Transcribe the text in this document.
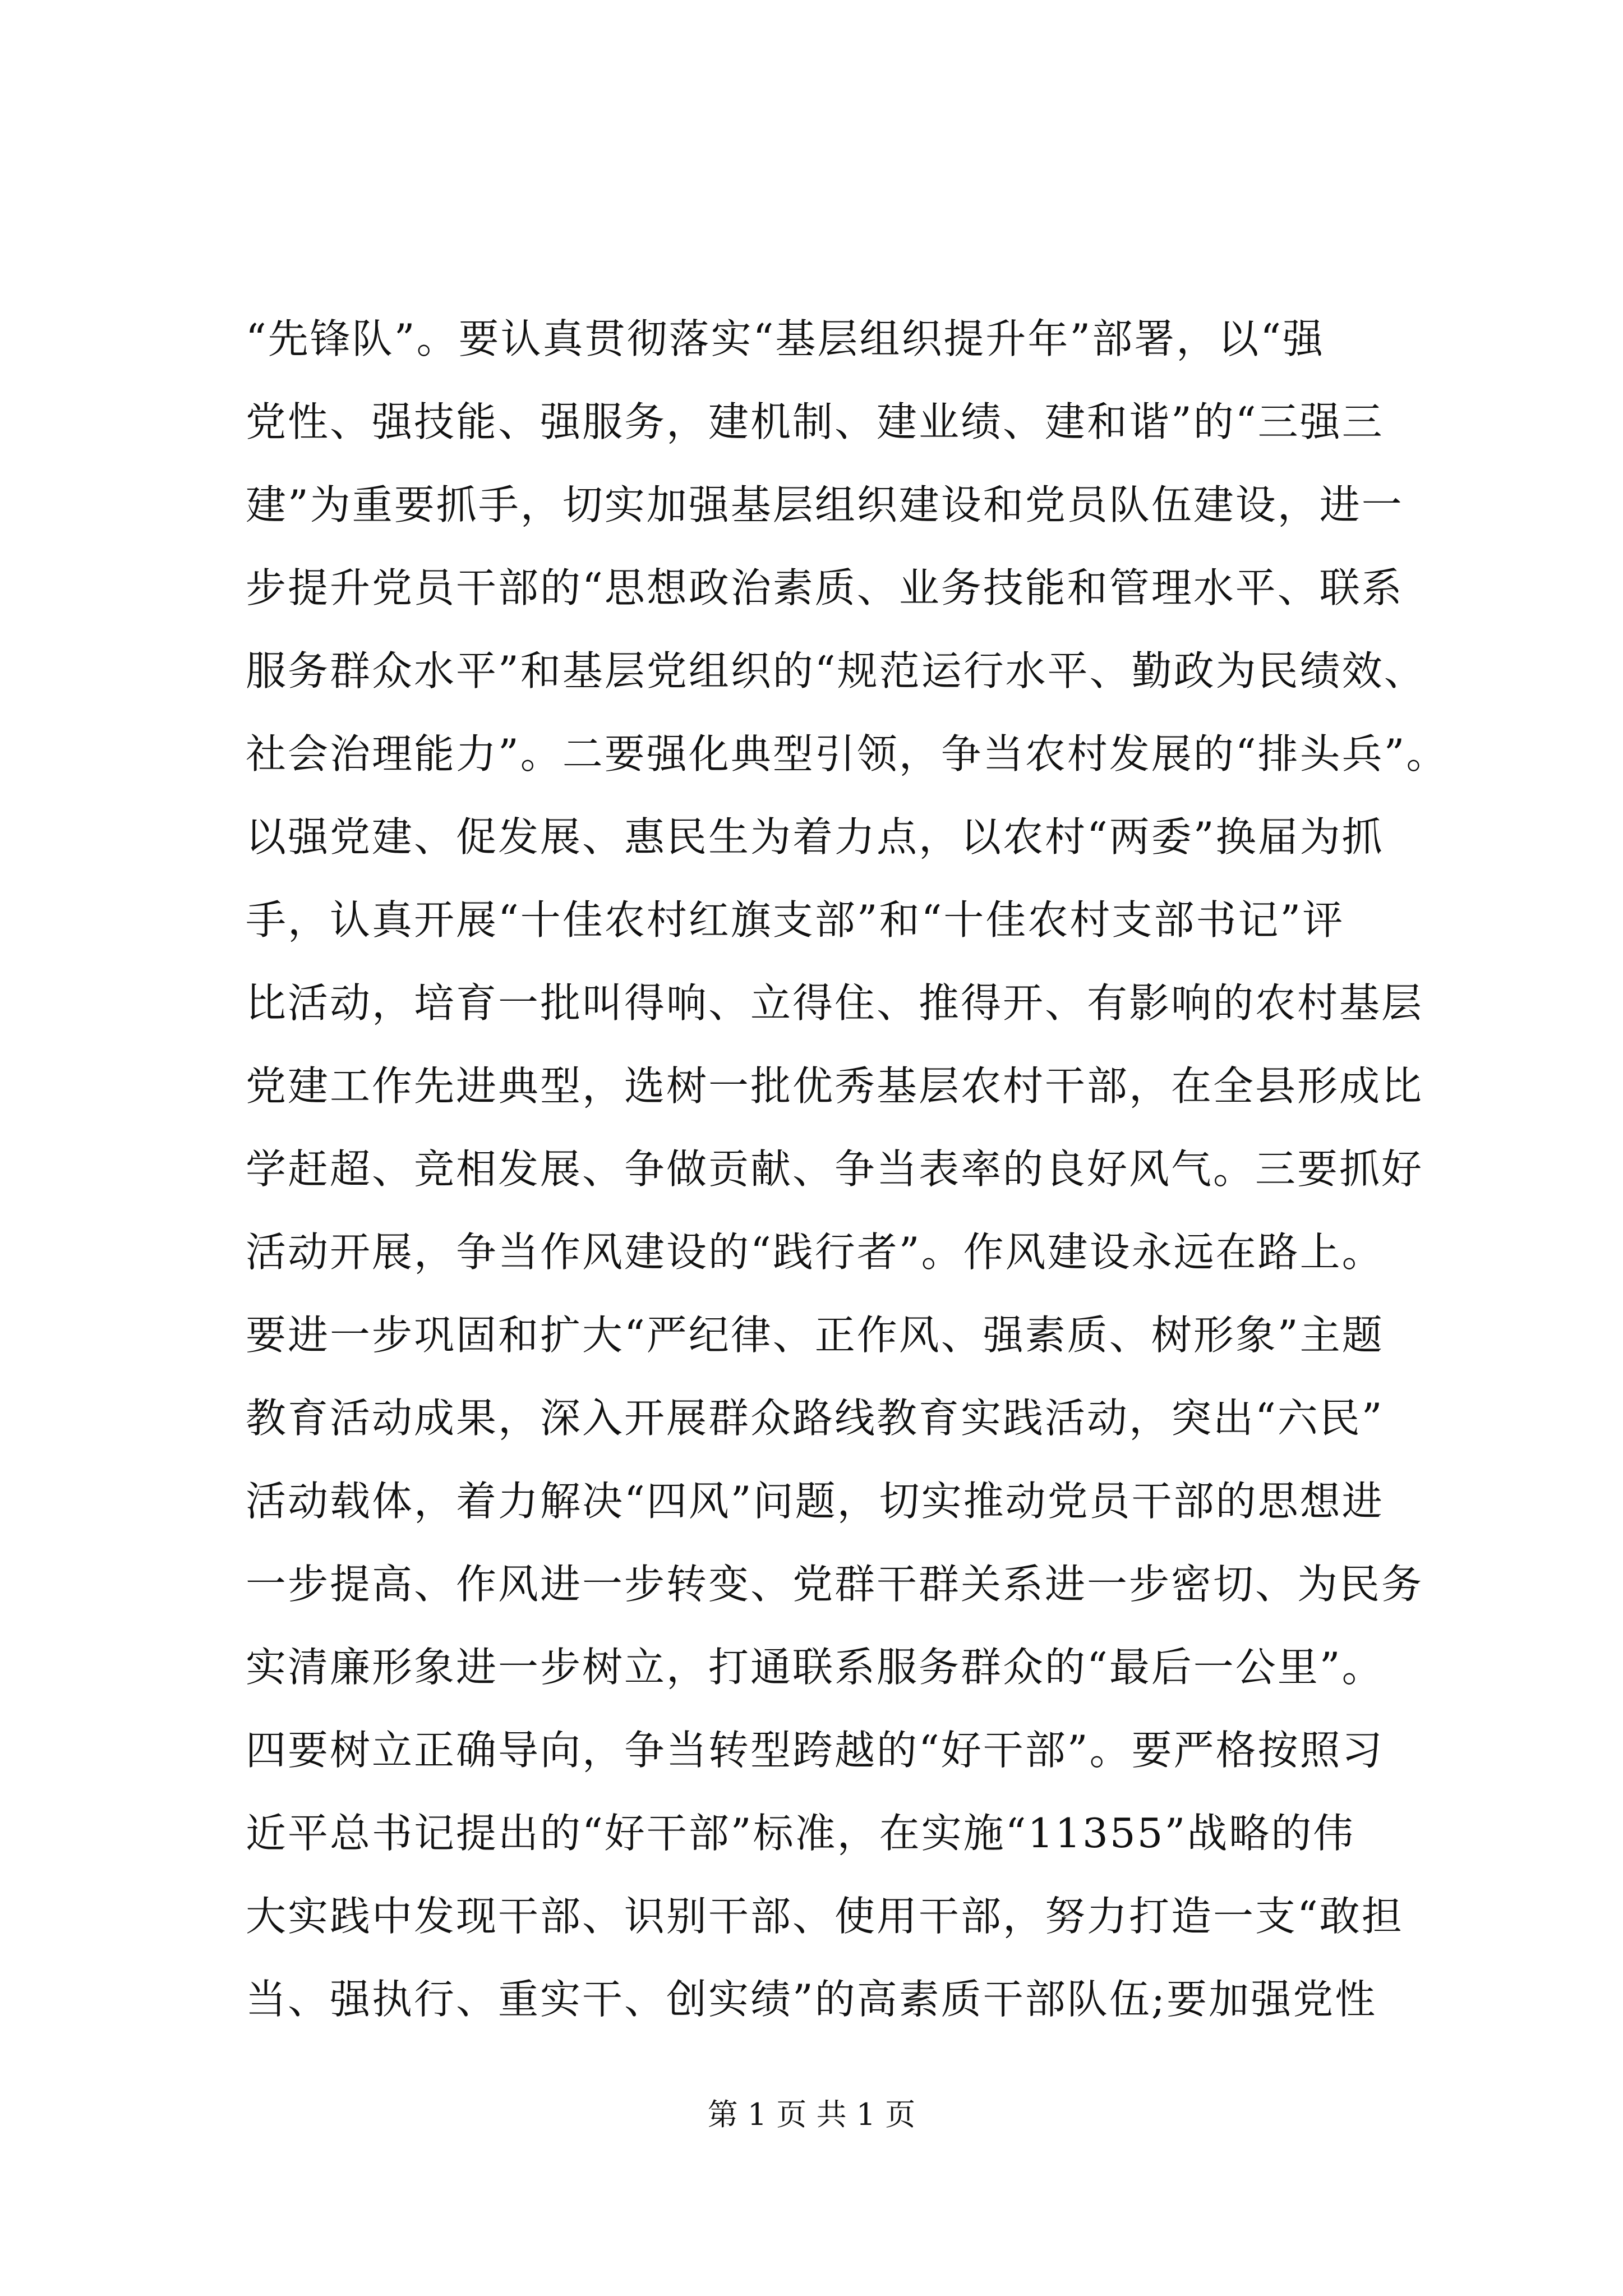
“先锋队”。要认真贯彻落实“基层组织提升年”部署，以“强
党性、强技能、强服务，建机制、建业绩、建和谐”的“三强三
建”为重要抓手，切实加强基层组织建设和党员队伍建设，进一
步提升党员干部的“思想政治素质、业务技能和管理水平、联系
服务群众水平”和基层党组织的“规范运行水平、勤政为民绩效、
社会治理能力”。二要强化典型引领，争当农村发展的“排头兵”。
以强党建、促发展、惠民生为着力点，以农村“两委”换届为抓
手，认真开展“十佳农村红旗支部”和“十佳农村支部书记”评
比活动，培育一批叫得响、立得住、推得开、有影响的农村基层
党建工作先进典型，选树一批优秀基层农村干部，在全县形成比
学赶超、竞相发展、争做贡献、争当表率的良好风气。三要抓好
活动开展，争当作风建设的“践行者”。作风建设永远在路上。
要进一步巩固和扩大“严纪律、正作风、强素质、树形象”主题
教育活动成果，深入开展群众路线教育实践活动，突出“六民”
活动载体，着力解决“四风”问题，切实推动党员干部的思想进
一步提高、作风进一步转变、党群干群关系进一步密切、为民务
实清廉形象进一步树立，打通联系服务群众的“最后一公里”。
四要树立正确导向，争当转型跨越的“好干部”。要严格按照习
近平总书记提出的“好干部”标准，在实施“11355”战略的伟
大实践中发现干部、识别干部、使用干部，努力打造一支“敢担
当、强执行、重实干、创实绩”的高素质干部队伍;要加强党性
第 1 页 共 1 页
